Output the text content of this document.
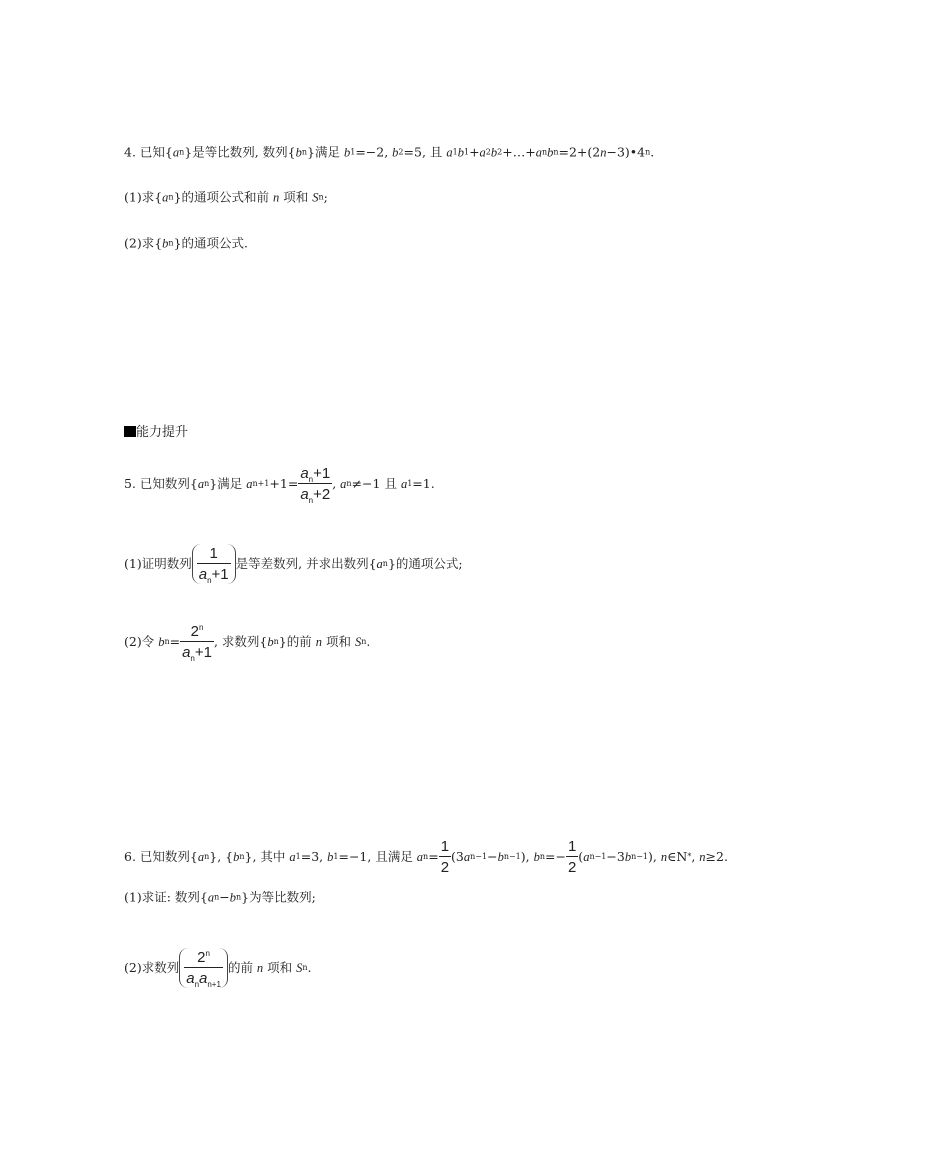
4. 已知{an}是等比数列, 数列{bn}满足 b1=−2, b2=5, 且 a1b1+a2b2+…+anbn=2+(2n−3)•4n.
(1)求{an}的通项公式和前 n 项和 Sn;
(2)求{bn}的通项公式.
能力提升
5. 已知数列{an}满足 $an+1+1= \frac{a_n+1}{a_n+2}$ , an≠−1 且 a1=1.
(1)证明数列 $\frac{1}{a_n+1}$ 是等差数列, 并求出数列{an}的通项公式;
(2)令 $bn= \frac{2^n}{a_n+1}$ , 求数列{bn}的前 n 项和 Sn.
6. 已知数列{an}, {bn}, 其中 a1=3, b1=−1, 且满足 $an= \frac{1}{2} (3an-1-bn-1)$, $bn=- \frac{1}{2} (an-1-3bn-1)$, n∈N*, n≥2.
(1)求证: 数列{an−bn}为等比数列;
(2)求数列 $\frac{2^n}{a_na_{n+1}}$ 的前 n 项和 Sn.
